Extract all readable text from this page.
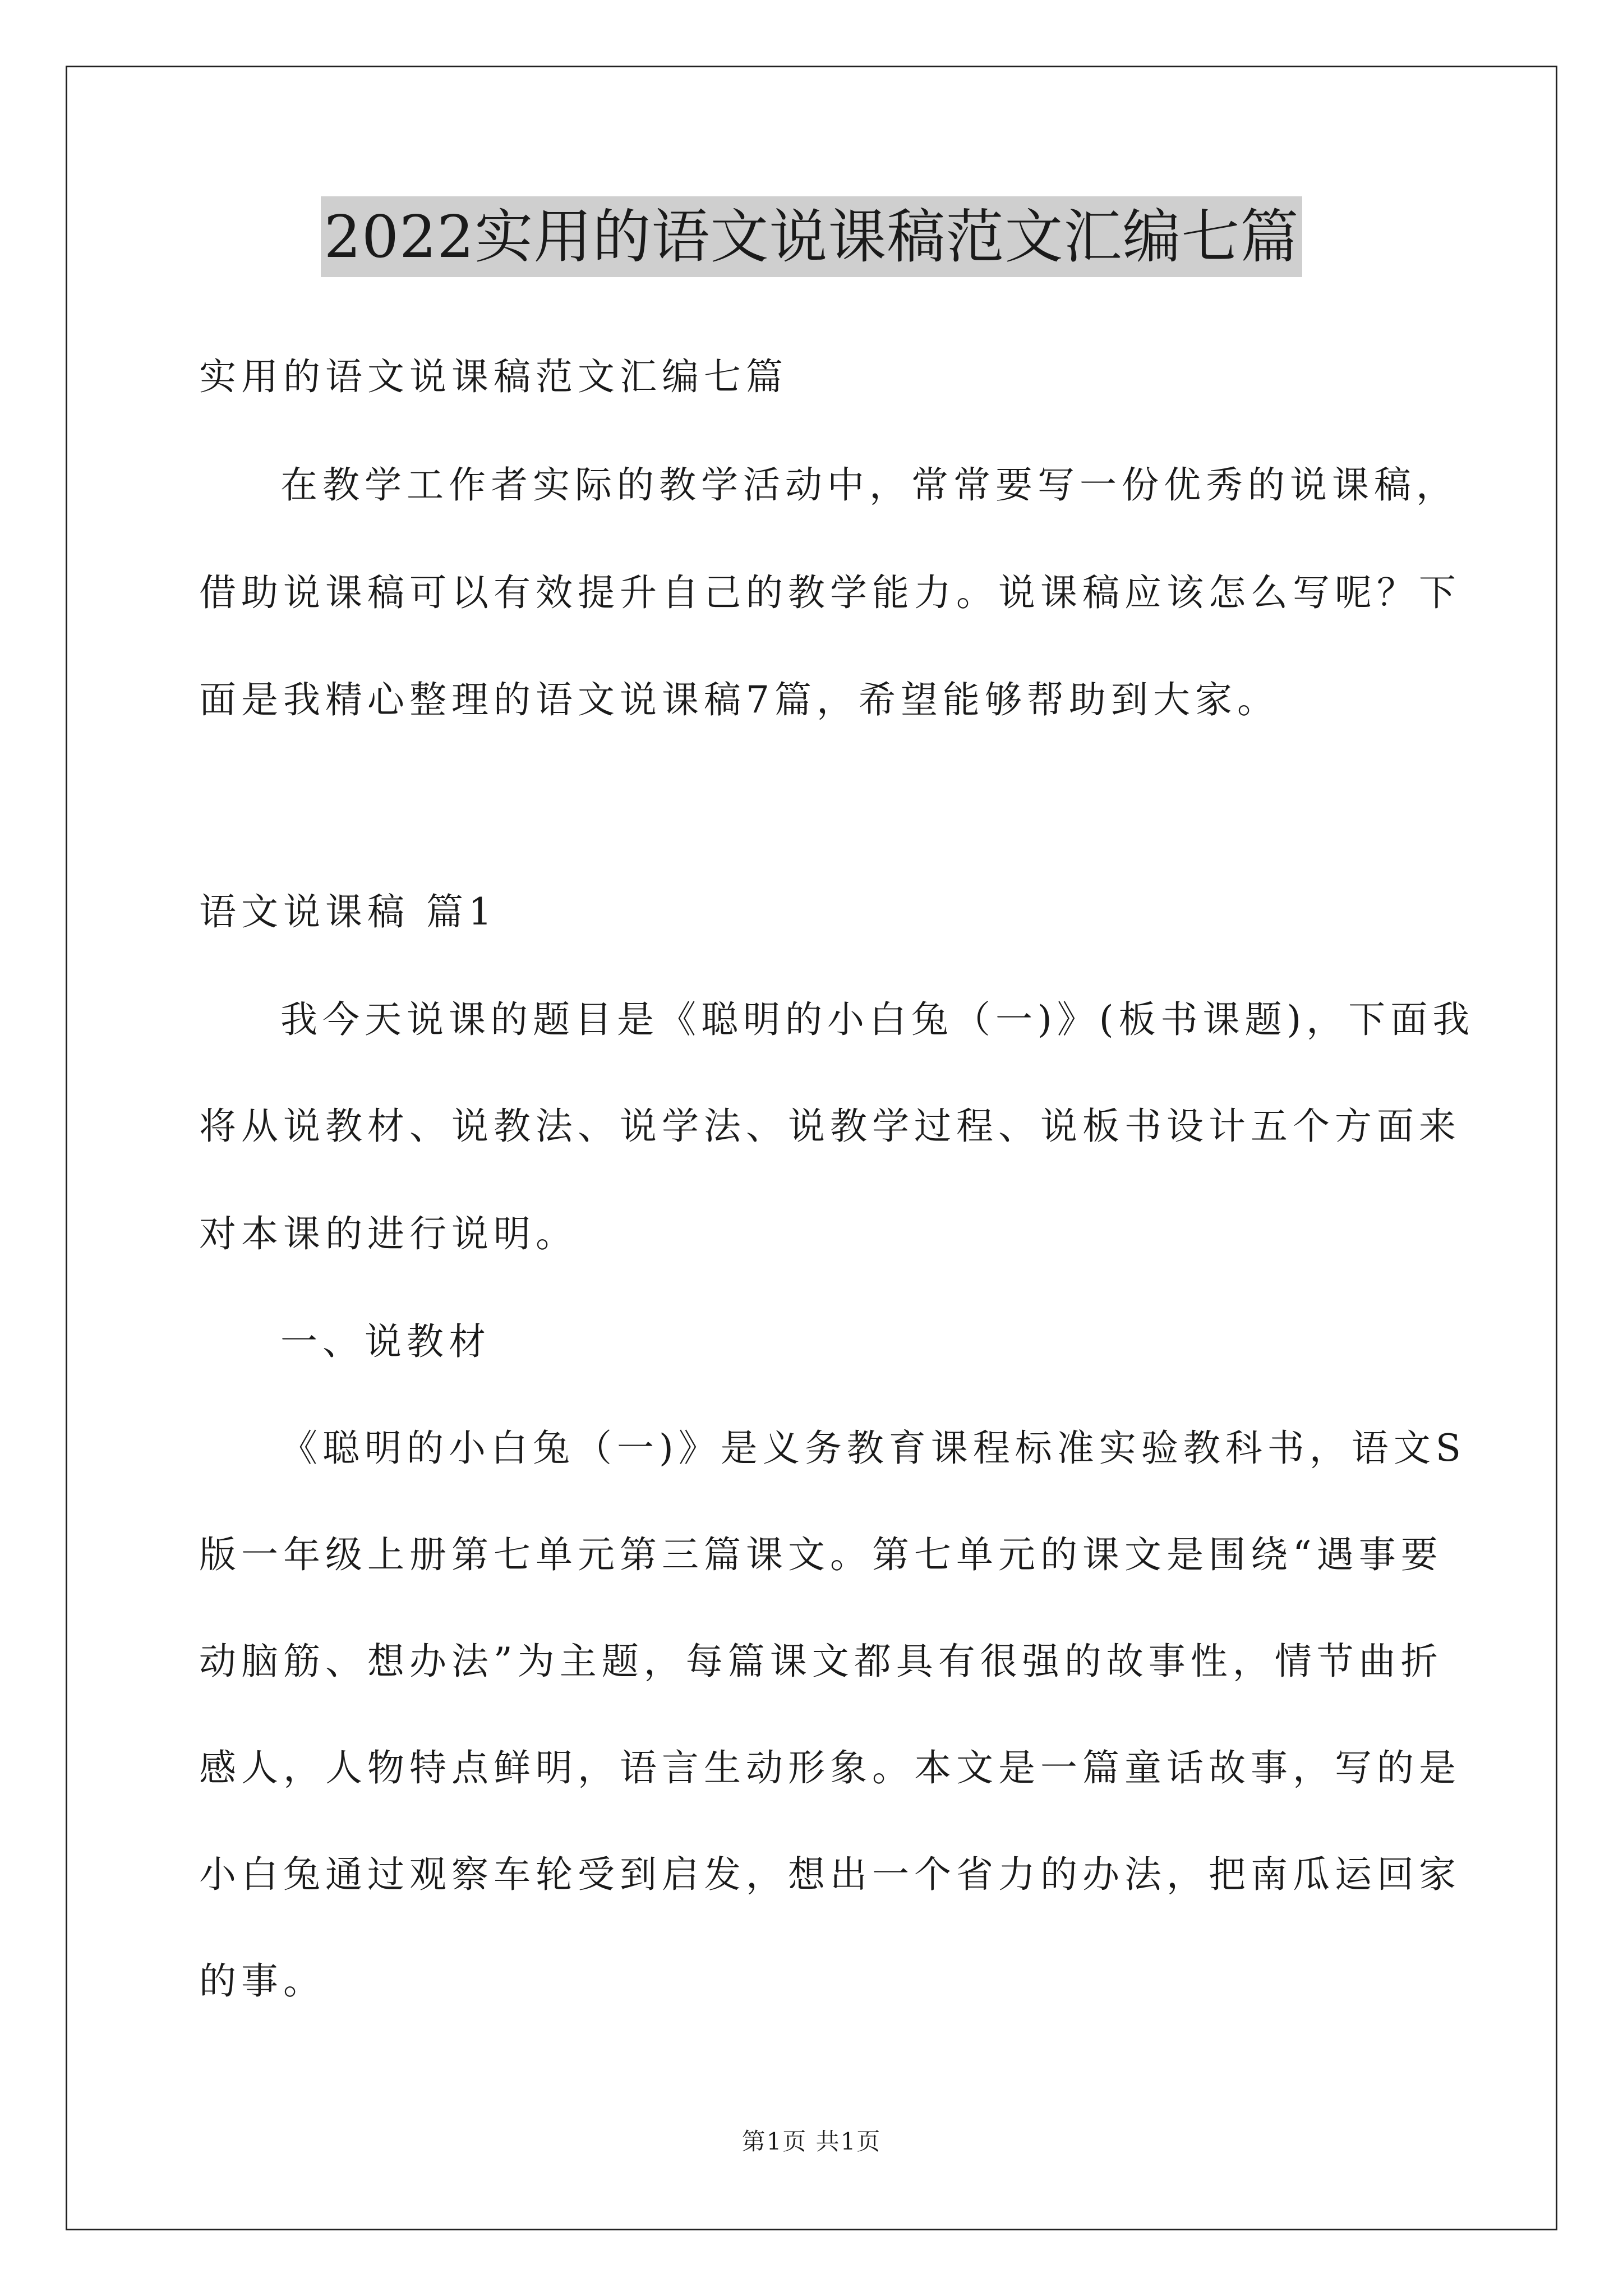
2022实用的语文说课稿范文汇编七篇
实用的语文说课稿范文汇编七篇
在教学工作者实际的教学活动中，常常要写一份优秀的说课稿，
借助说课稿可以有效提升自己的教学能力。说课稿应该怎么写呢？下
面是我精心整理的语文说课稿7篇，希望能够帮助到大家。
语文说课稿 篇1
我今天说课的题目是《聪明的小白兔（一)》(板书课题)，下面我
将从说教材、说教法、说学法、说教学过程、说板书设计五个方面来
对本课的进行说明。
一、说教材
《聪明的小白兔（一)》是义务教育课程标准实验教科书，语文S
版一年级上册第七单元第三篇课文。第七单元的课文是围绕“遇事要
动脑筋、想办法”为主题，每篇课文都具有很强的故事性，情节曲折
感人，人物特点鲜明，语言生动形象。本文是一篇童话故事，写的是
小白兔通过观察车轮受到启发，想出一个省力的办法，把南瓜运回家
的事。
第1页 共1页
